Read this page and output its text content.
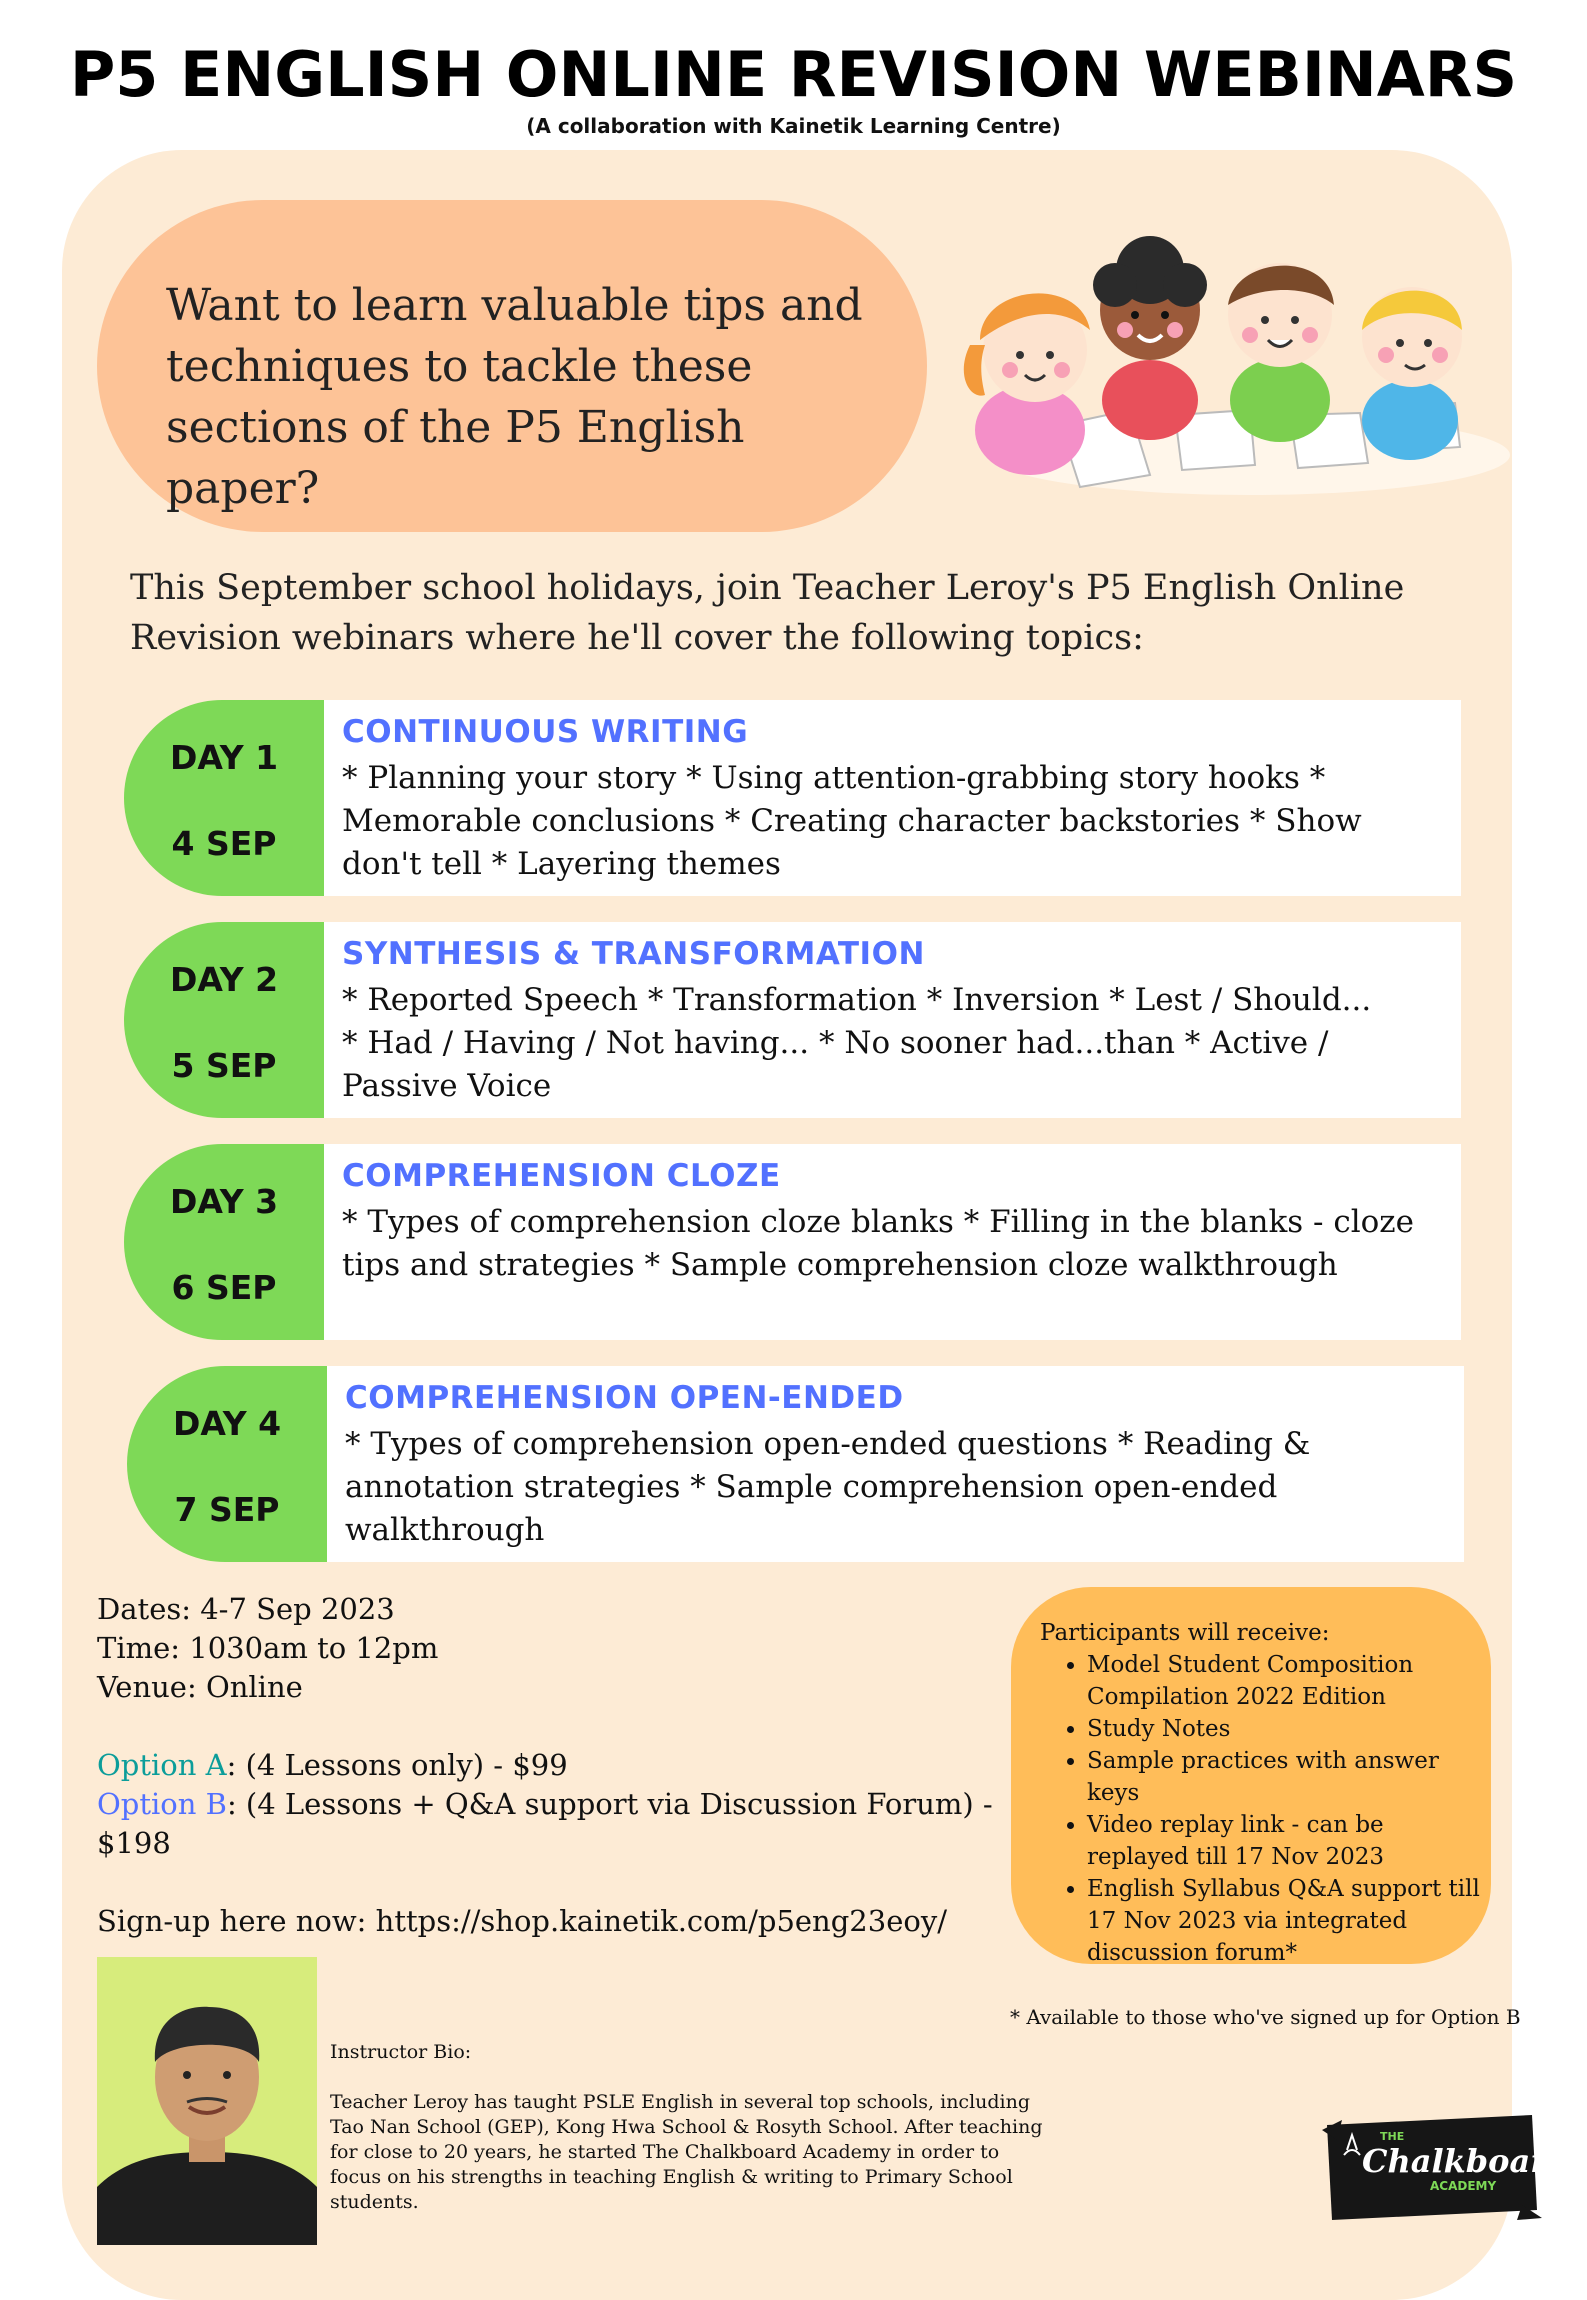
P5 ENGLISH ONLINE REVISION WEBINARS
(A collaboration with Kainetik Learning Centre)
Want to learn valuable tips and
techniques to tackle these
sections of the P5 English paper?
This September school holidays, join Teacher Leroy's P5 English Online
Revision webinars where he'll cover the following topics:
DAY 1
4 SEP
CONTINUOUS WRITING
* Planning your story * Using attention-grabbing story hooks * Memorable conclusions * Creating character backstories * Show don't tell * Layering themes
DAY 2
5 SEP
SYNTHESIS & TRANSFORMATION
* Reported Speech * Transformation * Inversion * Lest / Should...
* Had / Having / Not having... * No sooner had...than * Active / Passive Voice
DAY 3
6 SEP
COMPREHENSION CLOZE
* Types of comprehension cloze blanks * Filling in the blanks - cloze tips and strategies * Sample comprehension cloze walkthrough
DAY 4
7 SEP
COMPREHENSION OPEN-ENDED
* Types of comprehension open-ended questions * Reading & annotation strategies * Sample comprehension open-ended walkthrough
Dates: 4-7 Sep 2023
Time: 1030am to 12pm
Venue: Online
Option A: (4 Lessons only) - $99
Option B: (4 Lessons + Q&A support via Discussion Forum) - $198
Sign-up here now: https://shop.kainetik.com/p5eng23eoy/
Participants will receive:
• Model Student Composition Compilation 2022 Edition
• Study Notes
• Sample practices with answer keys
• Video replay link - can be replayed till 17 Nov 2023
• English Syllabus Q&A support till 17 Nov 2023 via integrated discussion forum*
* Available to those who've signed up for Option B
Instructor Bio:
Teacher Leroy has taught PSLE English in several top schools, including Tao Nan School (GEP), Kong Hwa School & Rosyth School. After teaching for close to 20 years, he started The Chalkboard Academy in order to focus on his strengths in teaching English & writing to Primary School students.
THE
Chalkboard
ACADEMY
